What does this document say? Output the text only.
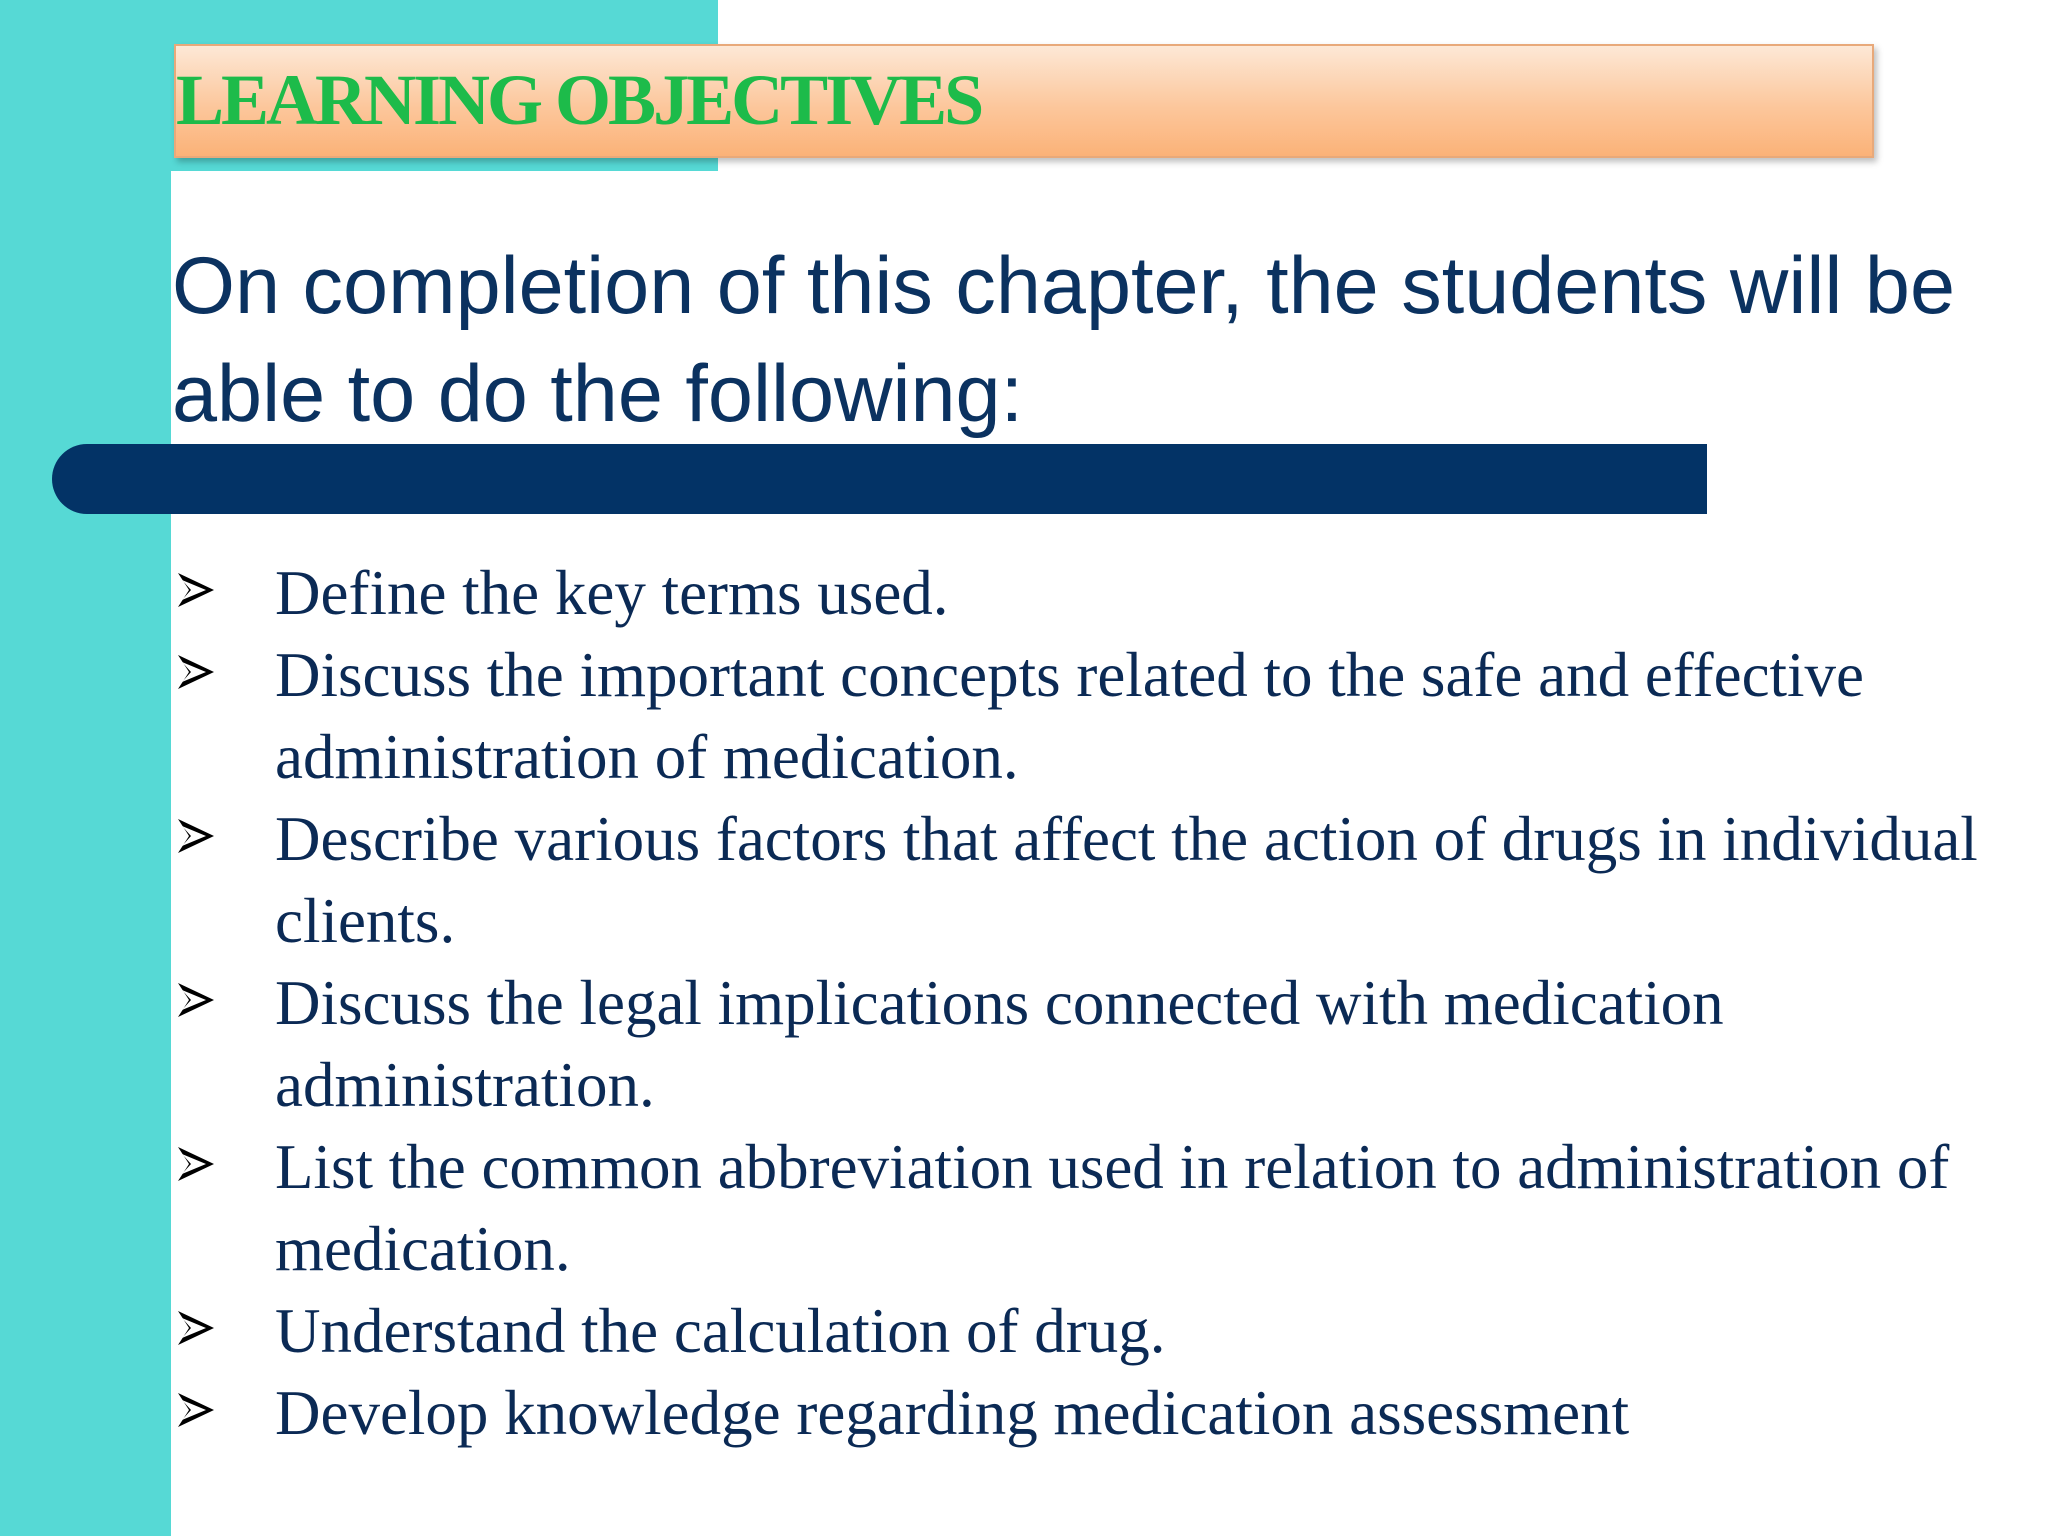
LEARNING OBJECTIVES
On completion of this chapter, the students will be able to do the following:
Define the key terms used.
Discuss the important concepts related to the safe and effective administration of medication.
Describe various factors that affect the action of drugs in individual clients.
Discuss the legal implications connected with medication administration.
List the common abbreviation used in relation to administration of medication.
Understand the calculation of drug.
Develop knowledge regarding medication assessment
